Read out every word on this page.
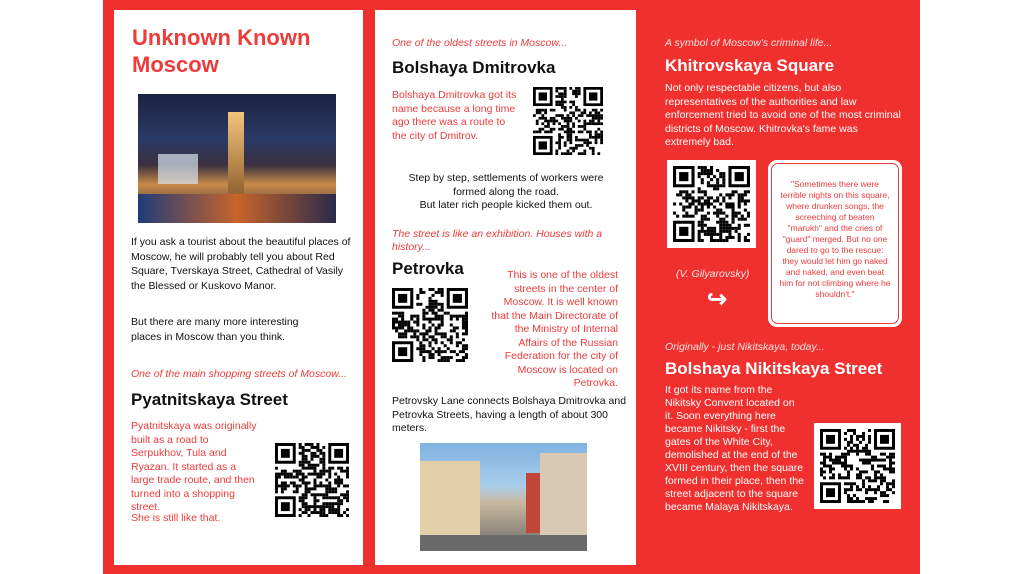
Unknown Known Moscow
If you ask a tourist about the beautiful places of Moscow, he will probably tell you about Red Square, Tverskaya Street, Cathedral of Vasily the Blessed or Kuskovo Manor.
But there are many more interesting places in Moscow than you think.
One of the main shopping streets of Moscow...
Pyatnitskaya Street
Pyatnitskaya was originally built as a road to Serpukhov, Tula and Ryazan. It started as a large trade route, and then turned into a shopping street.
She is still like that.
One of the oldest streets in Moscow...
Bolshaya Dmitrovka
Bolshaya Dmitrovka got its name because a long time ago there was a route to the city of Dmitrov.
Step by step, settlements of workers were formed along the road.
But later rich people kicked them out.
The street is like an exhibition. Houses with a history...
Petrovka	This is one of the oldest streets in the center of Moscow. It is well known that the Main Directorate of the Ministry of Internal Affairs of the Russian Federation for the city of Moscow is located on Petrovka.
Petrovsky Lane connects Bolshaya Dmitrovka and Petrovka Streets, having a length of about 300 meters.
A symbol of Moscow's criminal life...
Khitrovskaya Square
Not only respectable citizens, but also representatives of the authorities and law enforcement tried to avoid one of the most criminal districts of Moscow. Khitrovka's fame was extremely bad.
(V. Gilyarovsky)
↪
"Sometimes there were terrible nights on this square, where drunken songs, the screeching of beaten "marukh" and the cries of "guard" merged. But no one dared to go to the rescue: they would let him go naked and naked, and even beat him for not climbing where he shouldn't."
Originally - just Nikitskaya, today...
Bolshaya Nikitskaya Street
It got its name from the Nikitsky Convent located on it. Soon everything here became Nikitsky - first the gates of the White City, demolished at the end of the XVIII century, then the square formed in their place, then the street adjacent to the square became Malaya Nikitskaya.
